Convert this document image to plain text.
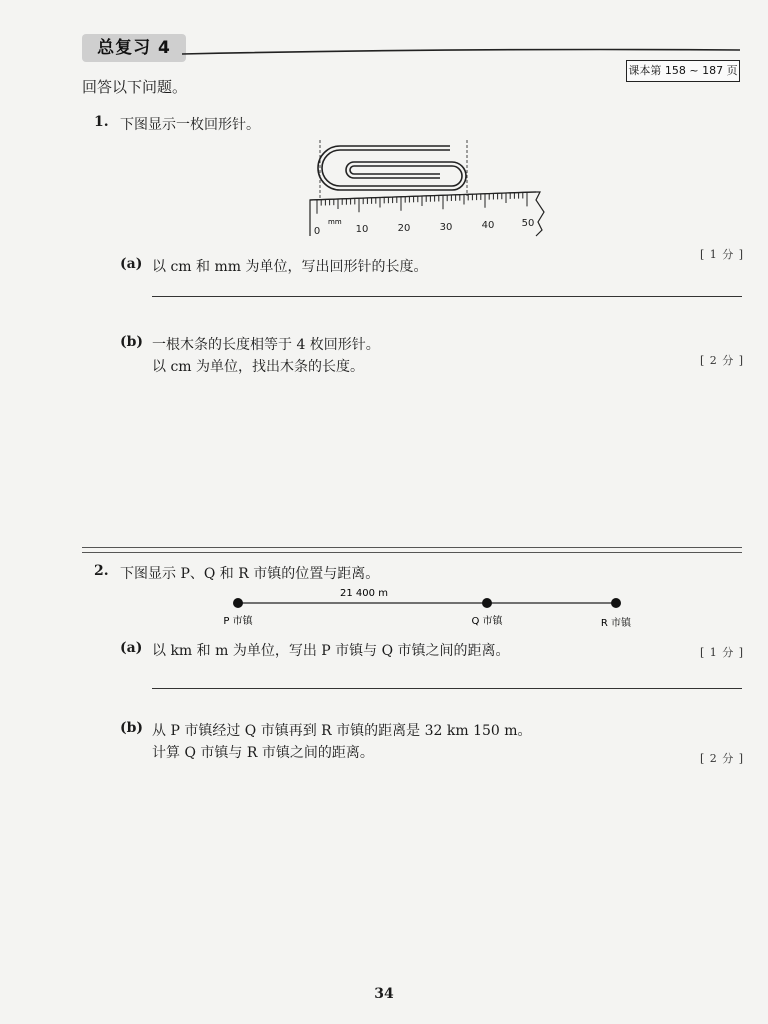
总复习 4
课本第 158 ~ 187 页
回答以下问题。
1. 下图显示一枚回形针。
mm
0	10	20	30	40	50
(a) 以 cm 和 mm 为单位，写出回形针的长度。
[ 1 分 ]
(b) 一根木条的长度相等于 4 枚回形针。
以 cm 为单位，找出木条的长度。	[ 2 分 ]
2. 下图显示 P、Q 和 R 市镇的位置与距离。
21 400 m
P 市镇	Q 市镇	R 市镇
(a) 以 km 和 m 为单位，写出 P 市镇与 Q 市镇之间的距离。	[ 1 分 ]
(b) 从 P 市镇经过 Q 市镇再到 R 市镇的距离是 32 km 150 m。
计算 Q 市镇与 R 市镇之间的距离。	[ 2 分 ]
34
